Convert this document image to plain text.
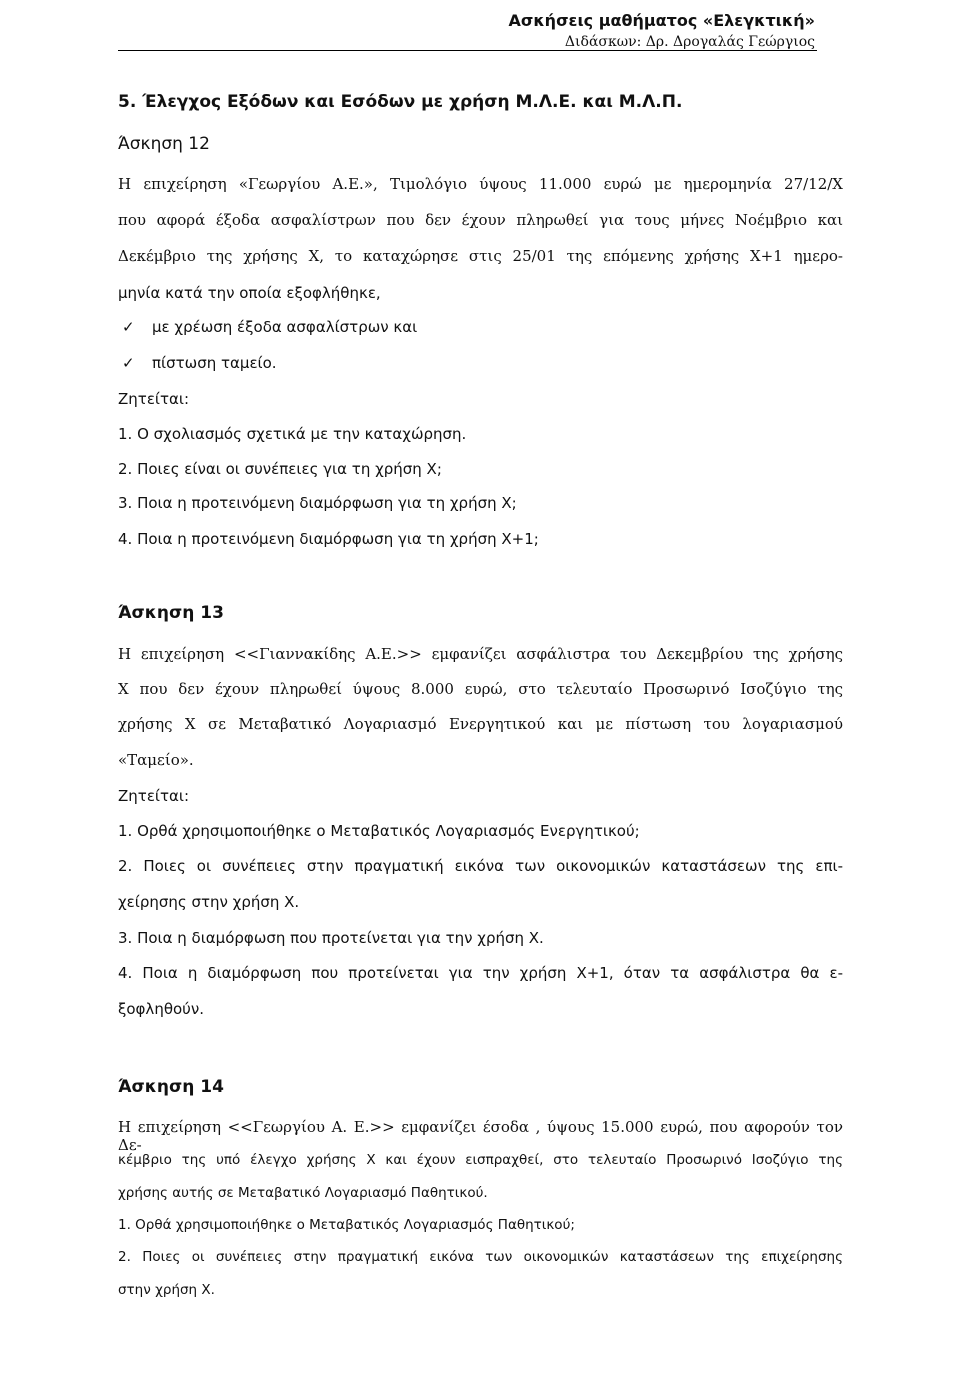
Ασκήσεις μαθήματος «Ελεγκτική»
Διδάσκων: Δρ. Δρογαλάς Γεώργιος
5. Έλεγχος Εξόδων και Εσόδων με χρήση Μ.Λ.Ε. και Μ.Λ.Π.
Άσκηση 12
Η επιχείρηση «Γεωργίου Α.Ε.», Τιμολόγιο ύψους 11.000 ευρώ με ημερομηνία 27/12/Χ
που αφορά έξοδα ασφαλίστρων που δεν έχουν πληρωθεί για τους μήνες Νοέμβριο και
Δεκέμβριο της χρήσης Χ, το καταχώρησε στις 25/01 της επόμενης χρήσης Χ+1 ημερο-
μηνία κατά την οποία εξοφλήθηκε,
✓ με χρέωση έξοδα ασφαλίστρων και
✓ πίστωση ταμείο.
Ζητείται:
1. Ο σχολιασμός σχετικά με την καταχώρηση.
2. Ποιες είναι οι συνέπειες για τη χρήση Χ;
3. Ποια η προτεινόμενη διαμόρφωση για τη χρήση Χ;
4. Ποια η προτεινόμενη διαμόρφωση για τη χρήση Χ+1;
Άσκηση 13
Η επιχείρηση <<Γιαννακίδης Α.Ε.>> εμφανίζει ασφάλιστρα του Δεκεμβρίου της χρήσης
Χ που δεν έχουν πληρωθεί ύψους 8.000 ευρώ, στο τελευταίο Προσωρινό Ισοζύγιο της
χρήσης Χ σε Μεταβατικό Λογαριασμό Ενεργητικού και με πίστωση του λογαριασμού
«Ταμείο».
Ζητείται:
1. Ορθά χρησιμοποιήθηκε ο Μεταβατικός Λογαριασμός Ενεργητικού;
2. Ποιες οι συνέπειες στην πραγματική εικόνα των οικονομικών καταστάσεων της επι-
χείρησης στην χρήση Χ.
3. Ποια η διαμόρφωση που προτείνεται για την χρήση Χ.
4. Ποια η διαμόρφωση που προτείνεται για την χρήση Χ+1, όταν τα ασφάλιστρα θα ε-
ξοφληθούν.
Άσκηση 14
Η επιχείρηση <<Γεωργίου Α. Ε.>> εμφανίζει έσοδα , ύψους 15.000 ευρώ, που αφορούν τον Δε-
κέμβριο της υπό έλεγχο χρήσης Χ και έχουν εισπραχθεί, στο τελευταίο Προσωρινό Ισοζύγιο της
χρήσης αυτής σε Μεταβατικό Λογαριασμό Παθητικού.
1. Ορθά χρησιμοποιήθηκε ο Μεταβατικός Λογαριασμός Παθητικού;
2. Ποιες οι συνέπειες στην πραγματική εικόνα των οικονομικών καταστάσεων της επιχείρησης
στην χρήση Χ.
